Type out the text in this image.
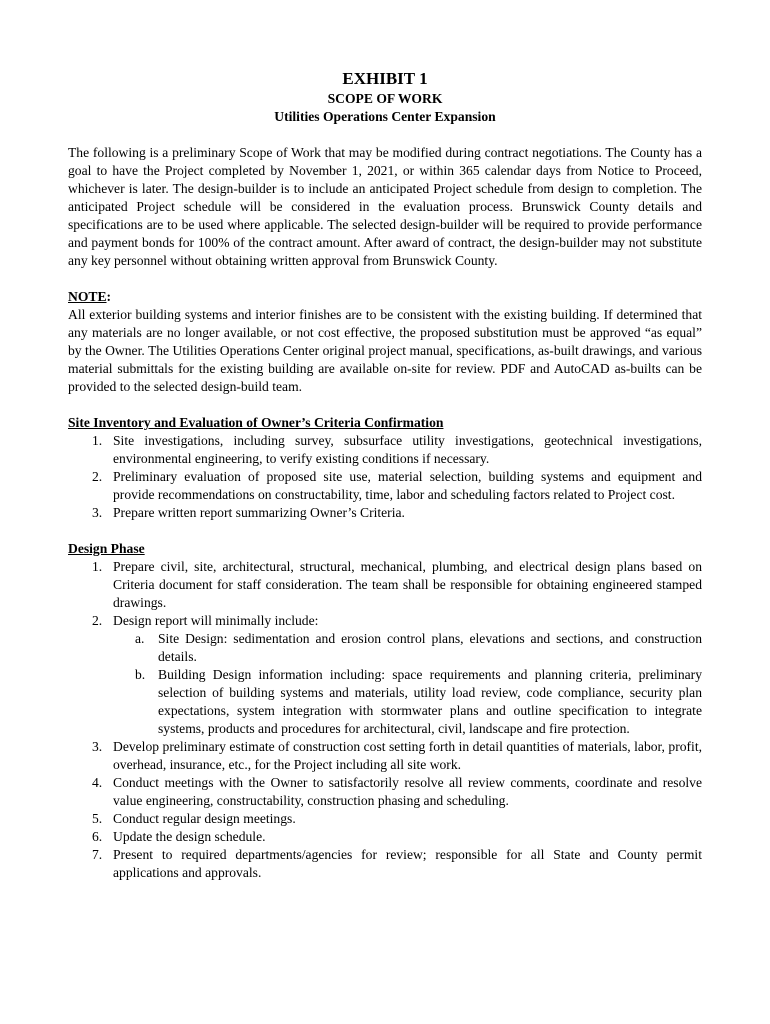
EXHIBIT 1
SCOPE OF WORK
Utilities Operations Center Expansion

The following is a preliminary Scope of Work that may be modified during contract negotiations. The County has a goal to have the Project completed by November 1, 2021, or within 365 calendar days from Notice to Proceed, whichever is later. The design-builder is to include an anticipated Project schedule from design to completion. The anticipated Project schedule will be considered in the evaluation process. Brunswick County details and specifications are to be used where applicable. The selected design-builder will be required to provide performance and payment bonds for 100% of the contract amount. After award of contract, the design-builder may not substitute any key personnel without obtaining written approval from Brunswick County.

NOTE:

All exterior building systems and interior finishes are to be consistent with the existing building. If determined that any materials are no longer available, or not cost effective, the proposed substitution must be approved “as equal” by the Owner. The Utilities Operations Center original project manual, specifications, as-built drawings, and various material submittals for the existing building are available on-site for review. PDF and AutoCAD as-builts can be provided to the selected design-build team.

Site Inventory and Evaluation of Owner’s Criteria Confirmation
1. Site investigations, including survey, subsurface utility investigations, geotechnical investigations, environmental engineering, to verify existing conditions if necessary.
2. Preliminary evaluation of proposed site use, material selection, building systems and equipment and provide recommendations on constructability, time, labor and scheduling factors related to Project cost.
3. Prepare written report summarizing Owner’s Criteria.
Design Phase
1. Prepare civil, site, architectural, structural, mechanical, plumbing, and electrical design plans based on Criteria document for staff consideration. The team shall be responsible for obtaining engineered stamped drawings.
2. Design report will minimally include:
a. Site Design: sedimentation and erosion control plans, elevations and sections, and construction details.
b. Building Design information including: space requirements and planning criteria, preliminary selection of building systems and materials, utility load review, code compliance, security plan expectations, system integration with stormwater plans and outline specification to integrate systems, products and procedures for architectural, civil, landscape and fire protection.
3. Develop preliminary estimate of construction cost setting forth in detail quantities of materials, labor, profit, overhead, insurance, etc., for the Project including all site work.
4. Conduct meetings with the Owner to satisfactorily resolve all review comments, coordinate and resolve value engineering, constructability, construction phasing and scheduling.
5. Conduct regular design meetings.
6. Update the design schedule.
7. Present to required departments/agencies for review; responsible for all State and County permit applications and approvals.
